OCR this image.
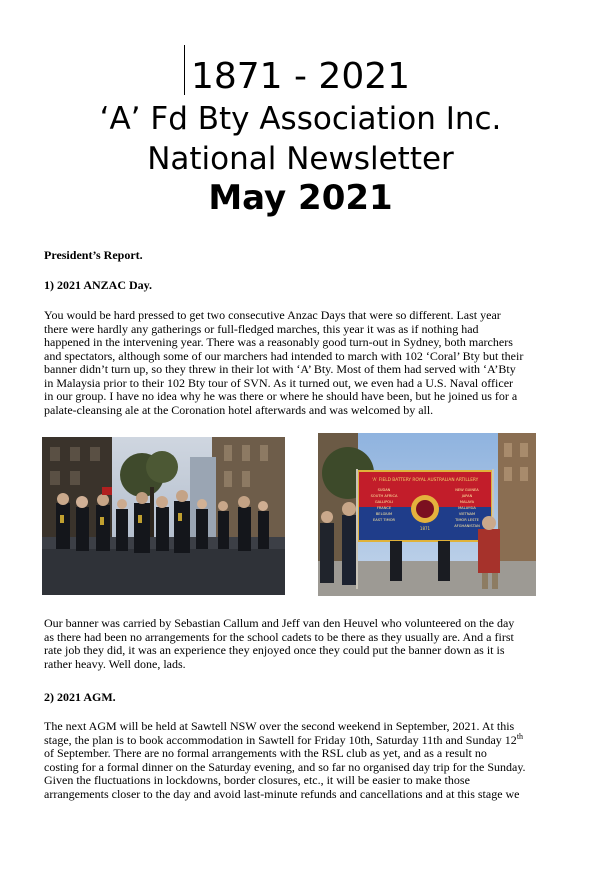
1871 - 2021
‘A’ Fd Bty Association Inc.
National Newsletter
May 2021
President’s Report.
1) 2021 ANZAC Day.
You would be hard pressed to get two consecutive Anzac Days that were so different. Last year
there were hardly any gatherings or full-fledged marches, this year it was as if nothing had
happened in the intervening year. There was a reasonably good turn-out in Sydney, both marchers
and spectators, although some of our marchers had intended to march with 102 ‘Coral’ Bty but their
banner didn’t turn up, so they threw in their lot with ‘A’ Bty. Most of them had served with ‘A’Bty
in Malaysia prior to their 102 Bty tour of SVN. As it turned out, we even had a U.S. Naval officer
in our group. I have no idea why he was there or where he should have been, but he joined us for a
palate-cleansing ale at the Coronation hotel afterwards and was welcomed by all.
‘A’ FIELD BATTERY ROYAL AUSTRALIAN ARTILLERY
1871
SUDAN
SOUTH AFRICA
GALLIPOLI
FRANCE
BELGIUM
EAST TIMOR
NEW GUINEA
JAPAN
MALAYA
MALAYSIA
VIETNAM
TIMOR LESTE
AFGHANISTAN
Our banner was carried by Sebastian Callum and Jeff van den Heuvel who volunteered on the day
as there had been no arrangements for the school cadets to be there as they usually are. And a first
rate job they did, it was an experience they enjoyed once they could put the banner down as it is
rather heavy. Well done, lads.
2) 2021 AGM.
The next AGM will be held at Sawtell NSW over the second weekend in September, 2021. At this
stage, the plan is to book accommodation in Sawtell for Friday 10th, Saturday 11th and Sunday 12th
of September. There are no formal arrangements with the RSL club as yet, and as a result no
costing for a formal dinner on the Saturday evening, and so far no organised day trip for the Sunday.
Given the fluctuations in lockdowns, border closures, etc., it will be easier to make those
arrangements closer to the day and avoid last-minute refunds and cancellations and at this stage we
